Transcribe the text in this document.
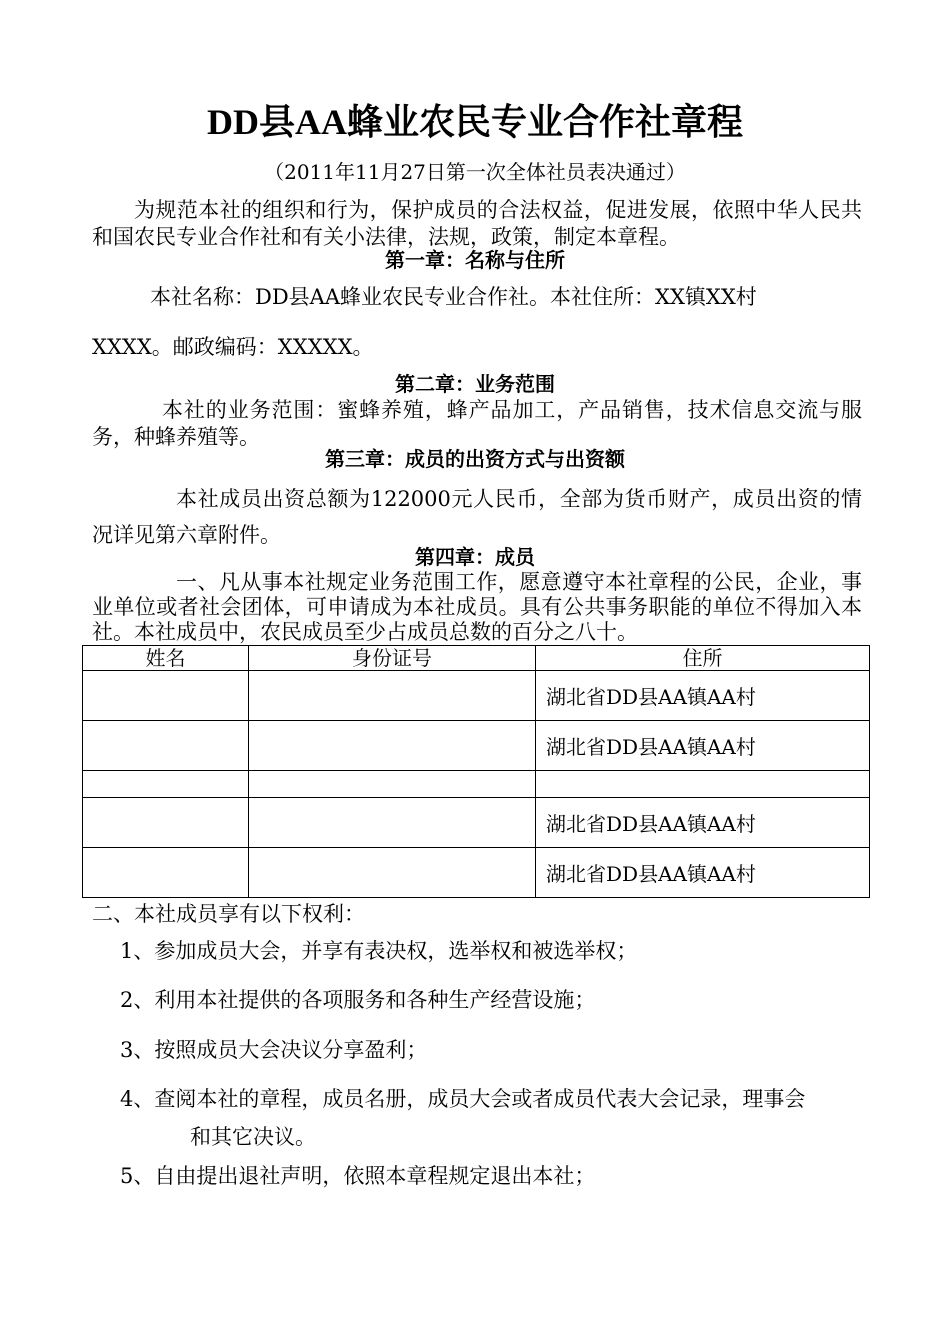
DD县AA蜂业农民专业合作社章程
（2011年11月27日第一次全体社员表决通过）
为规范本社的组织和行为，保护成员的合法权益，促进发展，依照中华人民共和国农民专业合作社和有关小法律，法规，政策，制定本章程。
第一章：名称与住所
本社名称：DD县AA蜂业农民专业合作社。本社住所：XX镇XX村
XXXX。邮政编码：XXXXX。
第二章：业务范围
本社的业务范围：蜜蜂养殖，蜂产品加工，产品销售，技术信息交流与服务，种蜂养殖等。
第三章：成员的出资方式与出资额
本社成员出资总额为122000元人民币，全部为货币财产，成员出资的情况详见第六章附件。
第四章：成员
一、凡从事本社规定业务范围工作，愿意遵守本社章程的公民，企业，事业单位或者社会团体，可申请成为本社成员。具有公共事务职能的单位不得加入本社。本社成员中，农民成员至少占成员总数的百分之八十。
姓名	身份证号	住所
		湖北省DD县AA镇AA村
		湖北省DD县AA镇AA村

		湖北省DD县AA镇AA村
		湖北省DD县AA镇AA村
二、本社成员享有以下权利：
1、参加成员大会，并享有表决权，选举权和被选举权；
2、利用本社提供的各项服务和各种生产经营设施；
3、按照成员大会决议分享盈利；
4、查阅本社的章程，成员名册，成员大会或者成员代表大会记录，理事会
和其它决议。
5、自由提出退社声明，依照本章程规定退出本社；
